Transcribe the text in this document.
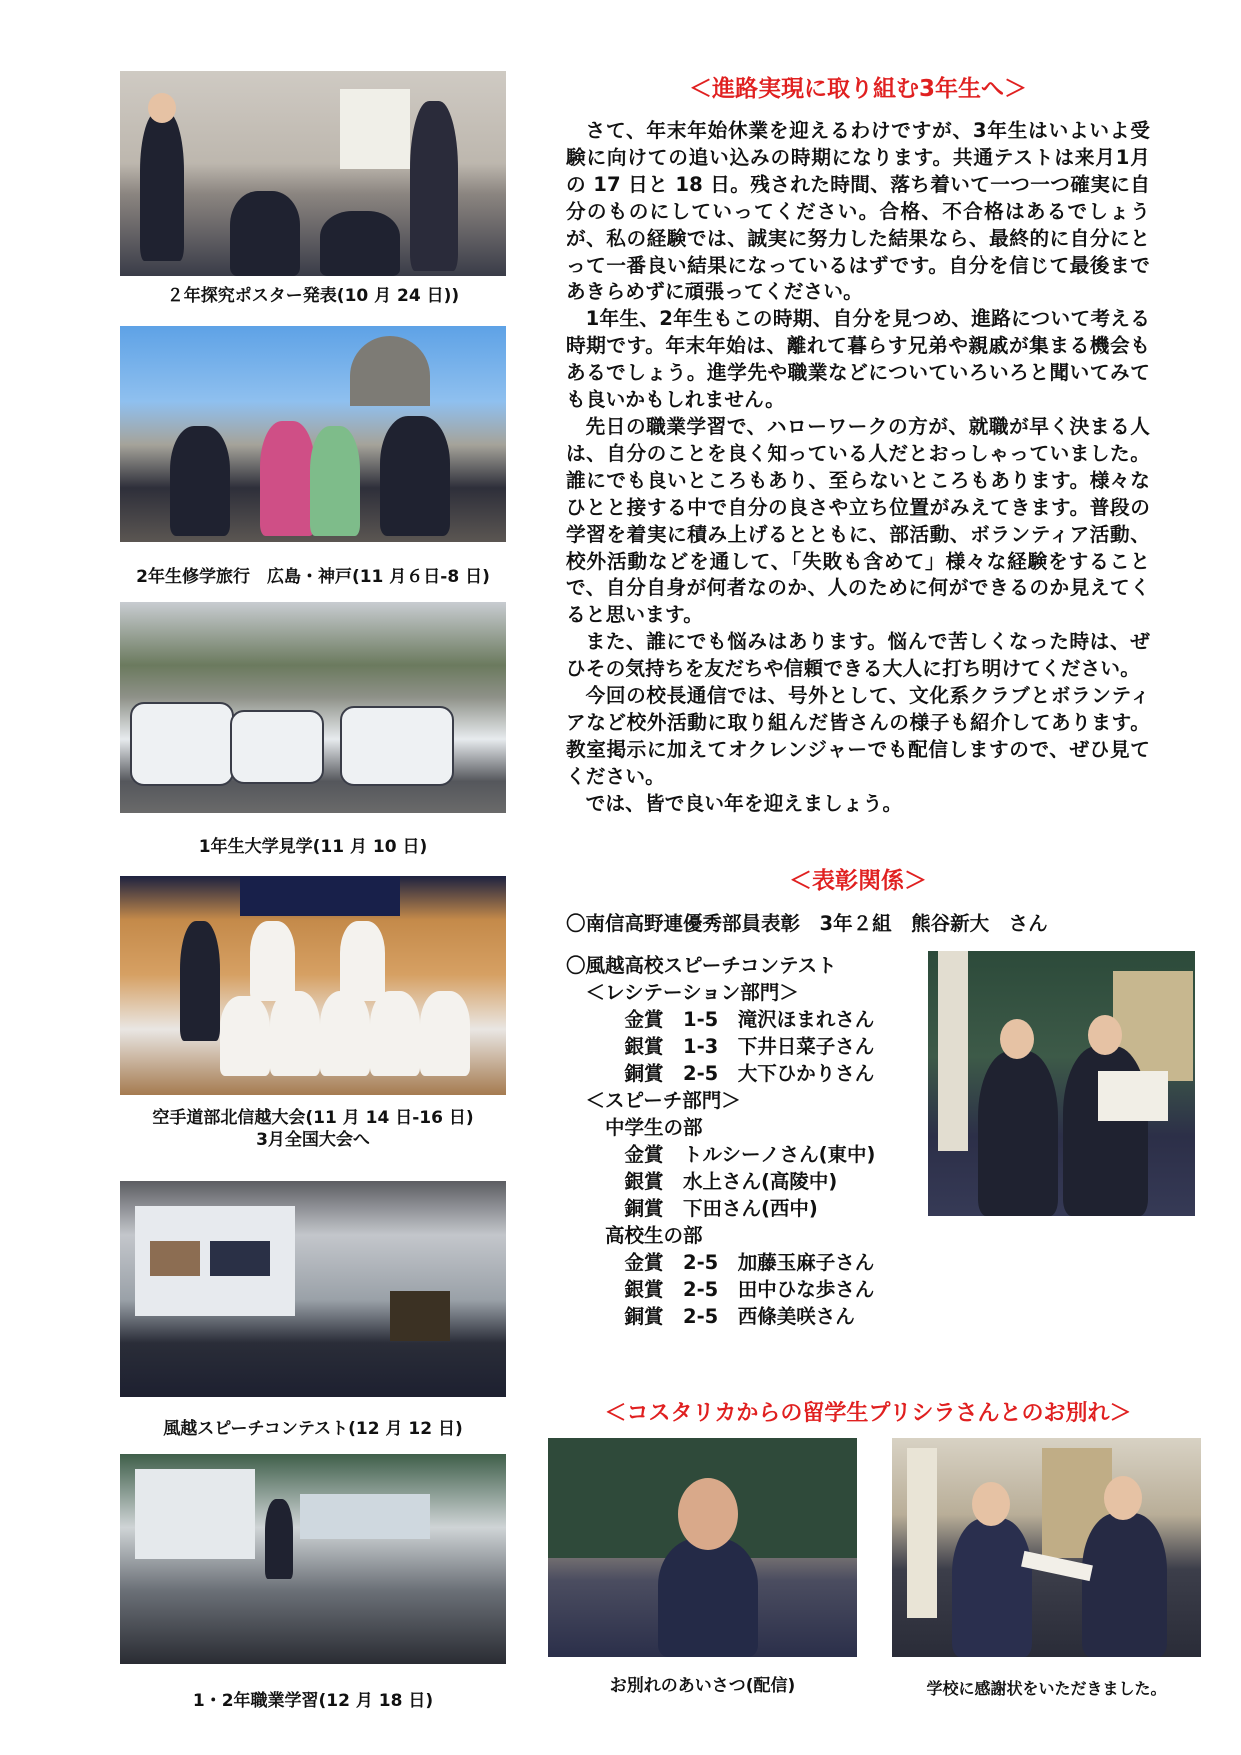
２年探究ポスター発表(10 月 24 日))
2年生修学旅行　広島・神戸(11 月６日-8 日)
1年生大学見学(11 月 10 日)
空手道部北信越大会(11 月 14 日-16 日)
3月全国大会へ
風越スピーチコンテスト(12 月 12 日)
1・2年職業学習(12 月 18 日)
＜進路実現に取り組む3年生へ＞

さて、年末年始休業を迎えるわけですが、3年生はいよいよ受験に向けての追い込みの時期になります。共通テストは来月1月の 17 日と 18 日。残された時間、落ち着いて一つ一つ確実に自分のものにしていってください。合格、不合格はあるでしょうが、私の経験では、誠実に努力した結果なら、最終的に自分にとって一番良い結果になっているはずです。自分を信じて最後まであきらめずに頑張ってください。

1年生、2年生もこの時期、自分を見つめ、進路について考える時期です。年末年始は、離れて暮らす兄弟や親戚が集まる機会もあるでしょう。進学先や職業などについていろいろと聞いてみても良いかもしれません。

先日の職業学習で、ハローワークの方が、就職が早く決まる人は、自分のことを良く知っている人だとおっしゃっていました。誰にでも良いところもあり、至らないところもあります。様々なひとと接する中で自分の良さや立ち位置がみえてきます。普段の学習を着実に積み上げるとともに、部活動、ボランティア活動、校外活動などを通して、「失敗も含めて」様々な経験をすることで、自分自身が何者なのか、人のために何ができるのか見えてくると思います。

また、誰にでも悩みはあります。悩んで苦しくなった時は、ぜひその気持ちを友だちや信頼できる大人に打ち明けてください。

今回の校長通信では、号外として、文化系クラブとボランティアなど校外活動に取り組んだ皆さんの様子も紹介してあります。教室掲示に加えてオクレンジャーでも配信しますので、ぜひ見てください。

では、皆で良い年を迎えましょう。

＜表彰関係＞
〇南信高野連優秀部員表彰　3年２組　熊谷新大　さん
〇風越高校スピーチコンテスト
　＜レシテーション部門＞
　　　金賞　1-5　滝沢ほまれさん
　　　銀賞　1-3　下井日菜子さん
　　　銅賞　2-5　大下ひかりさん
　＜スピーチ部門＞
　　中学生の部
　　　金賞　トルシーノさん(東中)
　　　銀賞　水上さん(高陵中)
　　　銅賞　下田さん(西中)
　　高校生の部
　　　金賞　2-5　加藤玉麻子さん
　　　銀賞　2-5　田中ひな歩さん
　　　銅賞　2-5　西條美咲さん
＜コスタリカからの留学生プリシラさんとのお別れ＞
お別れのあいさつ(配信)	学校に感謝状をいただきました。
